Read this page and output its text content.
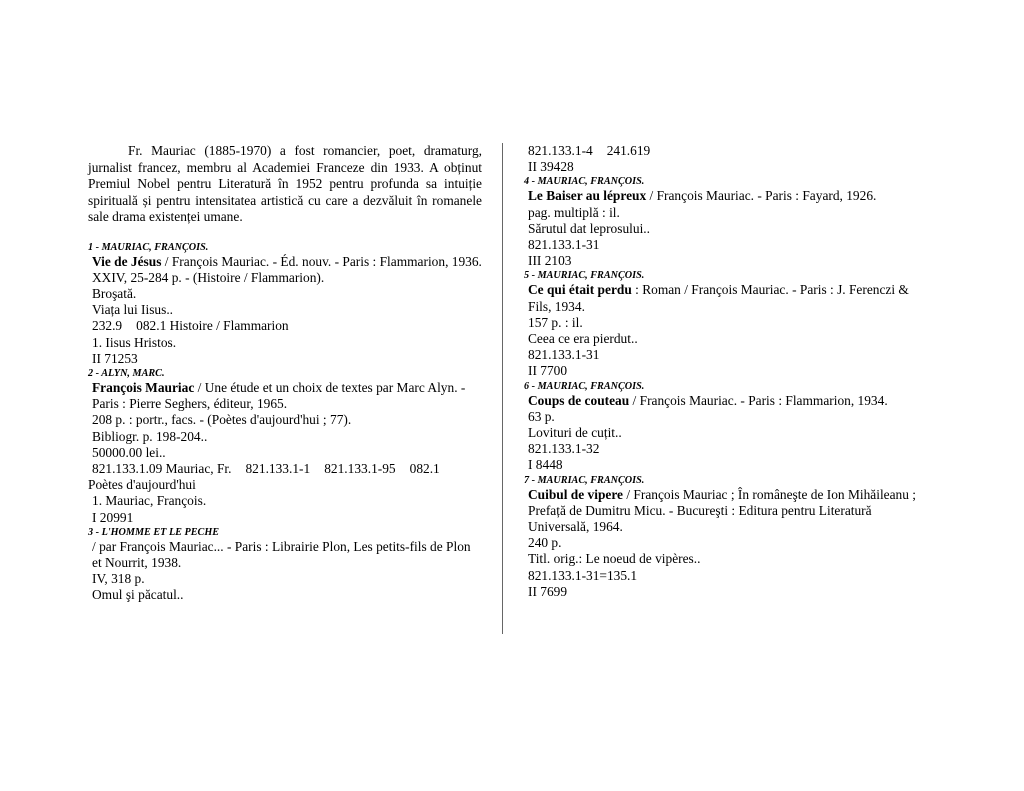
Fr. Mauriac (1885-1970) a fost romancier, poet, dramaturg, jurnalist francez, membru al Academiei Franceze din 1933. A obținut Premiul Nobel pentru Literatură în 1952 pentru profunda sa intuiție spirituală și pentru intensitatea artistică cu care a dezvăluit în romanele sale drama existenței umane.

1 - MAURIAC, FRANÇOIS.
Vie de Jésus / François Mauriac. - Éd. nouv. - Paris : Flammarion, 1936.
XXIV, 25-284 p. - (Histoire / Flammarion).
Broşată.
Viața lui Iisus..
232.9 082.1 Histoire / Flammarion
1. Iisus Hristos.
II 71253
2 - ALYN, MARC.
François Mauriac / Une étude et un choix de textes par Marc Alyn. - Paris : Pierre Seghers, éditeur, 1965.
208 p. : portr., facs. - (Poètes d'aujourd'hui ; 77).
Bibliogr. p. 198-204..
50000.00 lei..
821.133.1.09 Mauriac, Fr. 821.133.1-1 821.133.1-95 082.1
Poètes d'aujourd'hui
1. Mauriac, François.
I 20991
3 - L'HOMME ET LE PECHE
/ par François Mauriac... - Paris : Librairie Plon, Les petits-fils de Plon et Nourrit, 1938.
IV, 318 p.
Omul şi păcatul..
821.133.1-4 241.619
II 39428
4 - MAURIAC, FRANÇOIS.
Le Baiser au lépreux / François Mauriac. - Paris : Fayard, 1926.
pag. multiplă : il.
Sărutul dat leprosului..
821.133.1-31
III 2103
5 - MAURIAC, FRANÇOIS.
Ce qui était perdu : Roman / François Mauriac. - Paris : J. Ferenczi & Fils, 1934.
157 p. : il.
Ceea ce era pierdut..
821.133.1-31
II 7700
6 - MAURIAC, FRANÇOIS.
Coups de couteau / François Mauriac. - Paris : Flammarion, 1934.
63 p.
Lovituri de cuțit..
821.133.1-32
I 8448
7 - MAURIAC, FRANÇOIS.
Cuibul de vipere / François Mauriac ; În româneşte de Ion Mihăileanu ; Prefață de Dumitru Micu. - Bucureşti : Editura pentru Literatură Universală, 1964.
240 p.
Titl. orig.: Le noeud de vipères..
821.133.1-31=135.1
II 7699
